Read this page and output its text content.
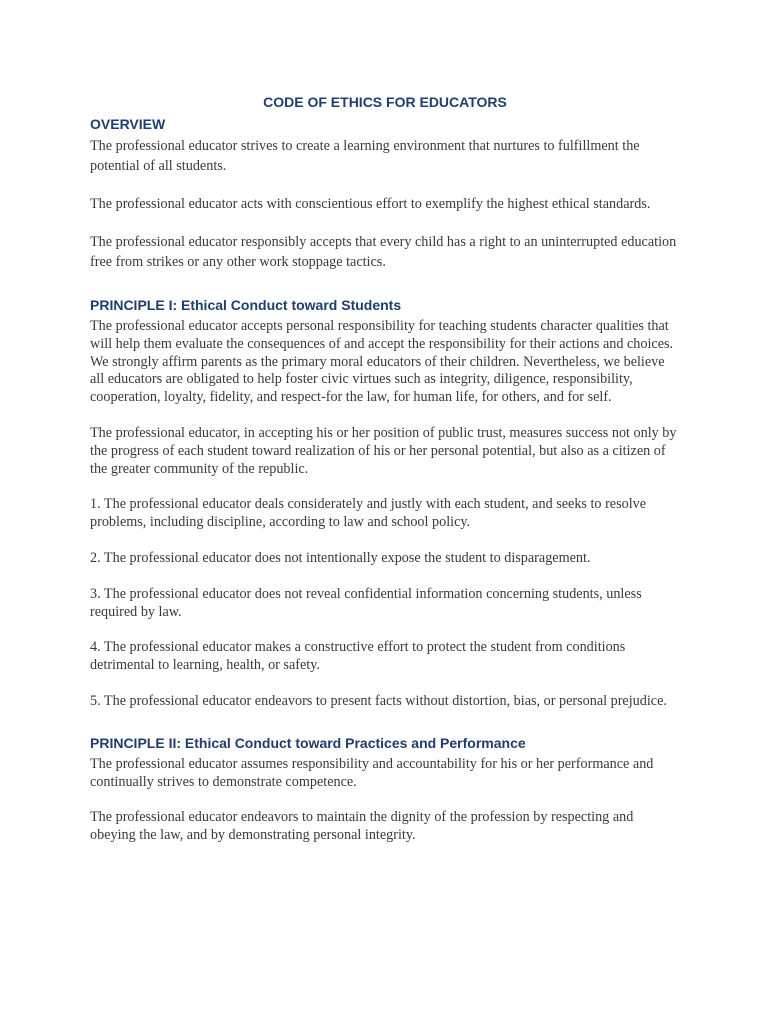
CODE OF ETHICS FOR EDUCATORS
OVERVIEW

The professional educator strives to create a learning environment that nurtures to fulfillment the potential of all students.

The professional educator acts with conscientious effort to exemplify the highest ethical standards.

The professional educator responsibly accepts that every child has a right to an uninterrupted education free from strikes or any other work stoppage tactics.

PRINCIPLE I: Ethical Conduct toward Students

The professional educator accepts personal responsibility for teaching students character qualities that will help them evaluate the consequences of and accept the responsibility for their actions and choices. We strongly affirm parents as the primary moral educators of their children. Nevertheless, we believe all educators are obligated to help foster civic virtues such as integrity, diligence, responsibility, cooperation, loyalty, fidelity, and respect-for the law, for human life, for others, and for self.

The professional educator, in accepting his or her position of public trust, measures success not only by the progress of each student toward realization of his or her personal potential, but also as a citizen of the greater community of the republic.

1. The professional educator deals considerately and justly with each student, and seeks to resolve problems, including discipline, according to law and school policy.

2. The professional educator does not intentionally expose the student to disparagement.

3. The professional educator does not reveal confidential information concerning students, unless required by law.

4. The professional educator makes a constructive effort to protect the student from conditions detrimental to learning, health, or safety.

5. The professional educator endeavors to present facts without distortion, bias, or personal prejudice.

PRINCIPLE II: Ethical Conduct toward Practices and Performance

The professional educator assumes responsibility and accountability for his or her performance and continually strives to demonstrate competence.

The professional educator endeavors to maintain the dignity of the profession by respecting and obeying the law, and by demonstrating personal integrity.
